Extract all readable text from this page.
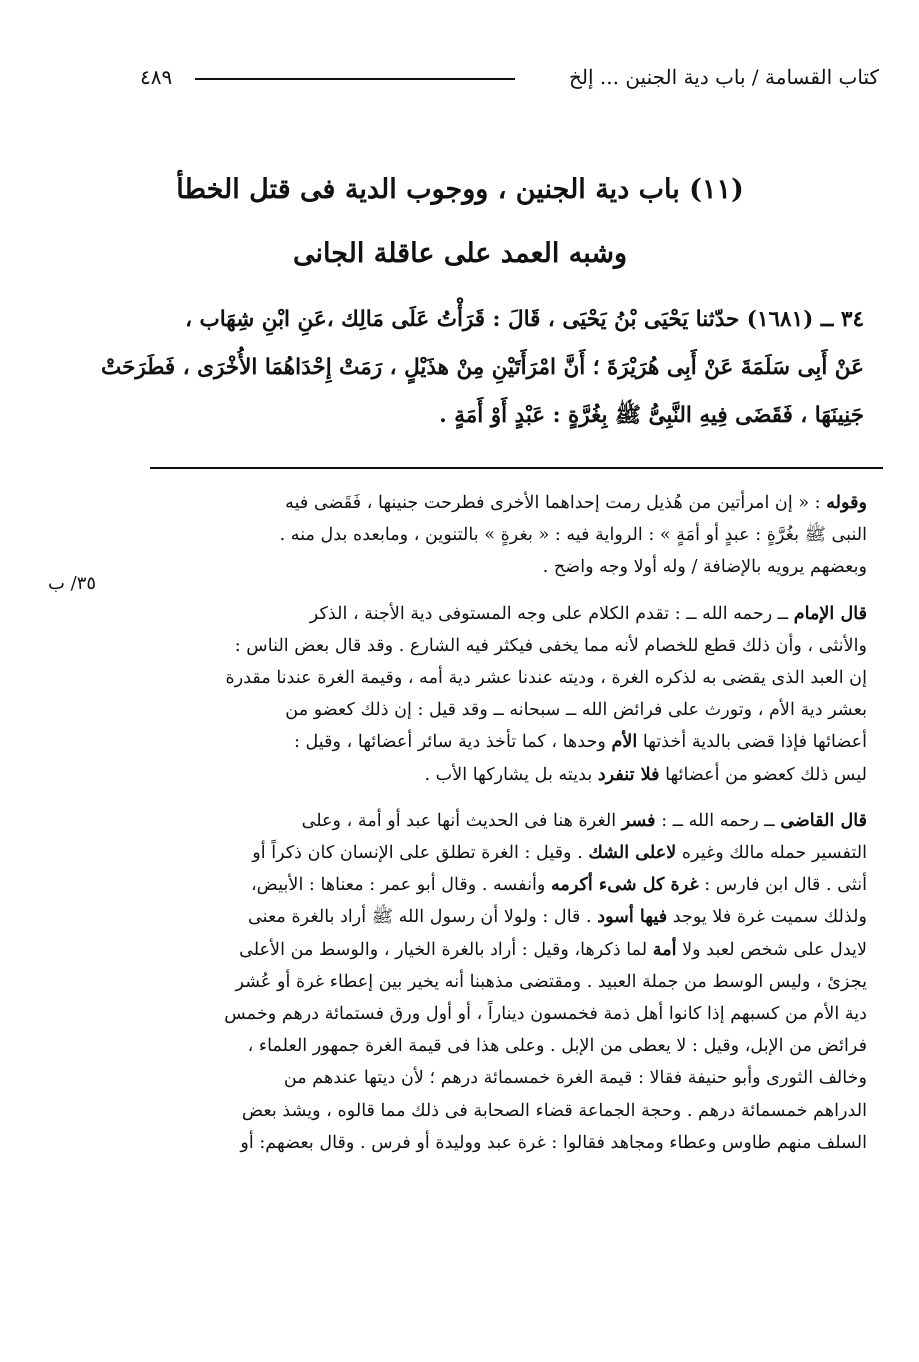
كتاب القسامة / باب دية الجنين ... إلخ
٤٨٩
(١١) باب دية الجنين ، ووجوب الدية فى قتل الخطأ
وشبه العمد على عاقلة الجانى
٣٤ ــ (١٦٨١) حدّثنا يَحْيَى بْنُ يَحْيَى ، قَالَ : قَرَأْتُ عَلَى مَالِك ،عَنِ ابْنِ شِهَاب ،
عَنْ أَبِى سَلَمَةَ عَنْ أَبِى هُرَيْرَةَ ؛ أَنَّ امْرَأَتَيْنِ مِنْ هذَيْلٍ ، رَمَتْ إِحْدَاهُمَا الأُخْرَى ، فَطَرَحَتْ
جَنِينَهَا ، فَقَضَى فِيهِ النَّبِىُّ ﷺ بِغُرَّةٍ : عَبْدٍ أَوْ أَمَةٍ .
٣٥/ ب
وقوله : « إن امرأتين من هُذيل رمت إحداهما الأخرى فطرحت جنينها ، فَقَضى فيه
النبى ﷺ بغُرَّةٍ : عبدٍ أو أمَةٍ » : الرواية فيه : « بغرةٍ » بالتنوين ، ومابعده بدل منه .
وبعضهم يرويه بالإضافة / وله أولا وجه واضح .
قال الإمام ــ رحمه الله ــ : تقدم الكلام على وجه المستوفى دية الأجنة ، الذكر
والأنثى ، وأن ذلك قطع للخصام لأنه مما يخفى فيكثر فيه الشارع . وقد قال بعض الناس :
إن العبد الذى يقضى به لذكره الغرة ، وديته عندنا عشر دية أمه ، وقيمة الغرة عندنا مقدرة
بعشر دية الأم ، وتورث على فرائض الله ــ سبحانه ــ وقد قيل : إن ذلك كعضو من
أعضائها فإذا قضى بالدية أخذتها الأم وحدها ، كما تأخذ دية سائر أعضائها ، وقيل :
ليس ذلك كعضو من أعضائها فلا تنفرد بديته بل يشاركها الأب .
قال القاضى ــ رحمه الله ــ : فسر الغرة هنا فى الحديث أنها عبد أو أمة ، وعلى
التفسير حمله مالك وغيره لاعلى الشك . وقيل : الغرة تطلق على الإنسان كان ذكراً أو
أنثى . قال ابن فارس : غرة كل شىء أكرمه وأنفسه . وقال أبو عمر : معناها : الأبيض،
ولذلك سميت غرة فلا يوجد فيها أسود . قال : ولولا أن رسول الله ﷺ أراد بالغرة معنى
لايدل على شخص لعبد ولا أمة لما ذكرها، وقيل : أراد بالغرة الخيار ، والوسط من الأعلى
يجزئ ، وليس الوسط من جملة العبيد . ومقتضى مذهبنا أنه يخير بين إعطاء غرة أو عُشر
دية الأم من كسبهم إذا كانوا أهل ذمة فخمسون ديناراً ، أو أول ورق فستمائة درهم وخمس
فرائض من الإبل، وقيل : لا يعطى من الإبل . وعلى هذا فى قيمة الغرة جمهور العلماء ،
وخالف الثورى وأبو حنيفة فقالا : قيمة الغرة خمسمائة درهم ؛ لأن ديتها عندهم من
الدراهم خمسمائة درهم . وحجة الجماعة قضاء الصحابة فى ذلك مما قالوه ، ويشذ بعض
السلف منهم طاوس وعطاء ومجاهد فقالوا : غرة عبد ووليدة أو فرس . وقال بعضهم: أو
